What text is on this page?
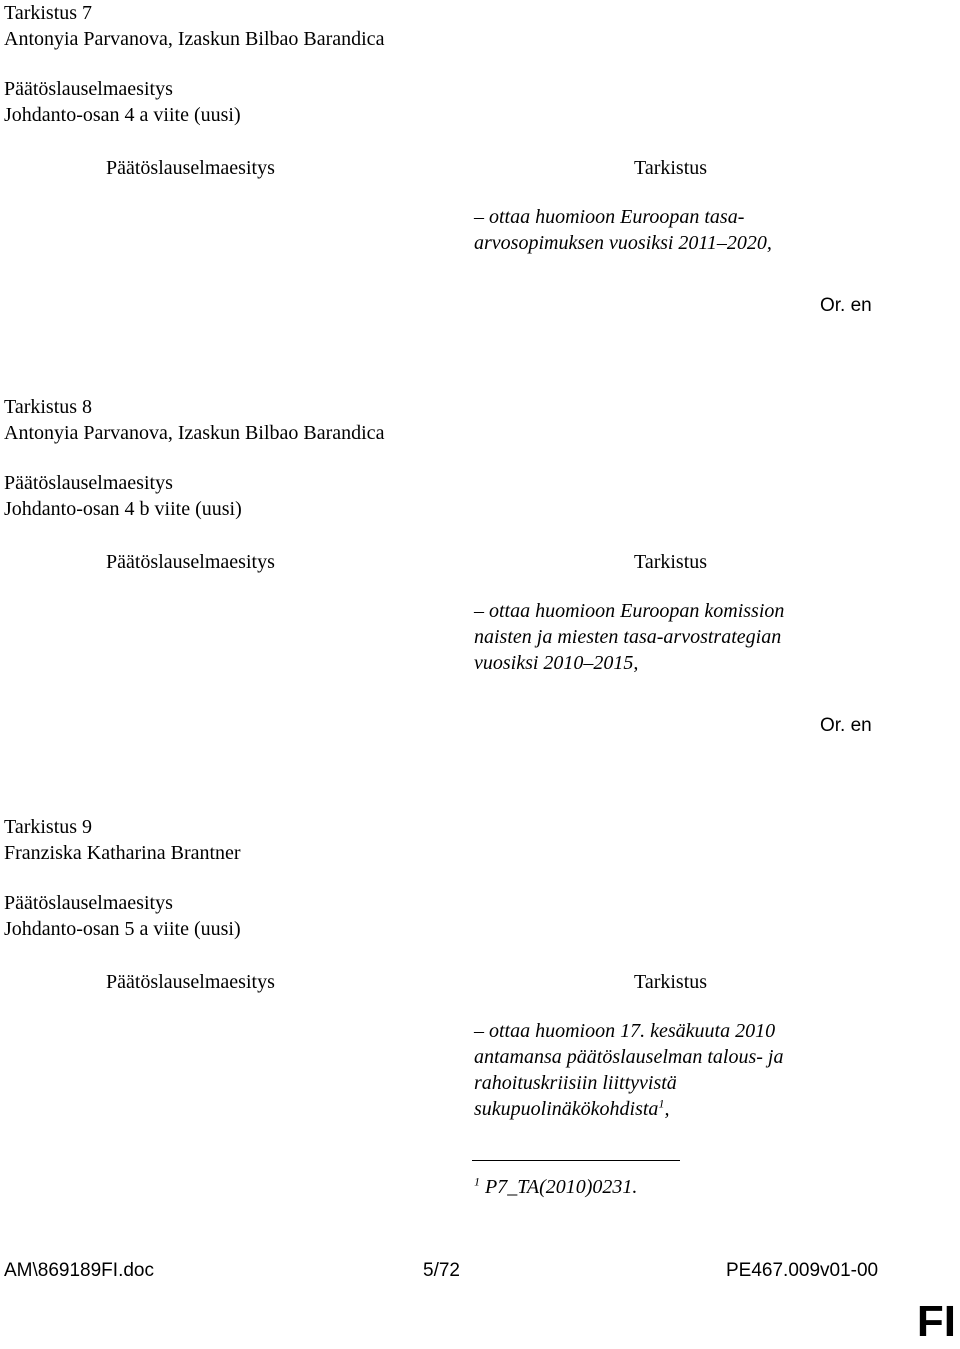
Tarkistus 7
Antonyia Parvanova, Izaskun Bilbao Barandica
Päätöslauselmaesitys
Johdanto-osan 4 a viite (uusi)
Päätöslauselmaesitys	Tarkistus
– ottaa huomioon Euroopan tasa-
arvosopimuksen vuosiksi 2011–2020,
Or. en
Tarkistus 8
Antonyia Parvanova, Izaskun Bilbao Barandica
Päätöslauselmaesitys
Johdanto-osan 4 b viite (uusi)
Päätöslauselmaesitys	Tarkistus
– ottaa huomioon Euroopan komission
naisten ja miesten tasa-arvostrategian
vuosiksi 2010–2015,
Or. en
Tarkistus 9
Franziska Katharina Brantner
Päätöslauselmaesitys
Johdanto-osan 5 a viite (uusi)
Päätöslauselmaesitys	Tarkistus
– ottaa huomioon 17. kesäkuuta 2010
antamansa päätöslauselman talous- ja
rahoituskriisiin liittyvistä
sukupuolinäkökohdista$^1$,
$^1$ P7_TA(2010)0231.
AM\869189FI.doc	5/72	PE467.009v01-00
FI
